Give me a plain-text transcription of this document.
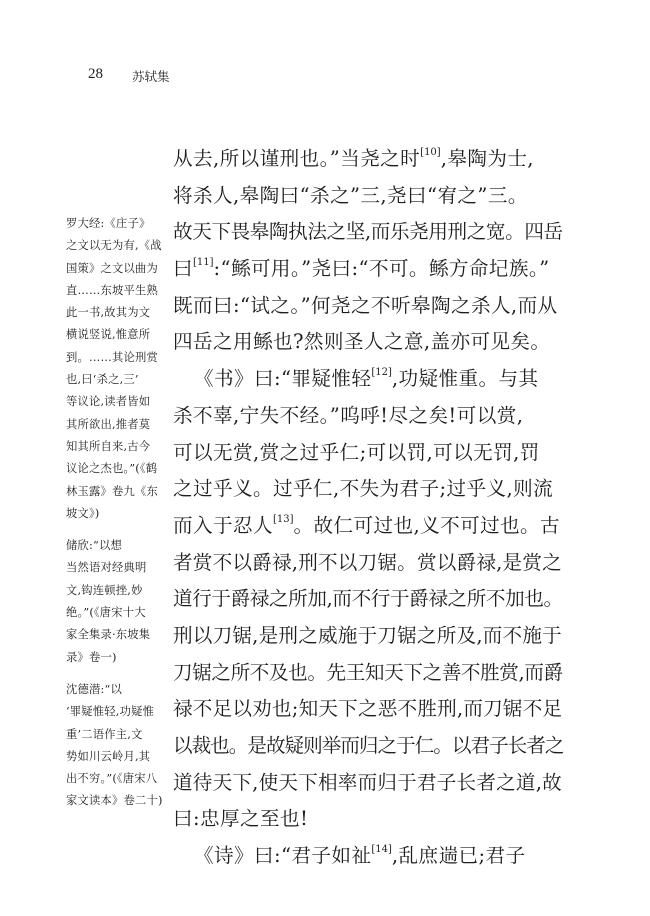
28 苏轼集
罗大经:《庄子》
之文以无为有,《战
国策》之文以曲为
直……东坡平生熟
此一书,故其为文
横说竖说,惟意所
到。……其论刑赏
也,曰‘杀之,三’
等议论,读者皆如
其所欲出,推者莫
知其所自来,古今
议论之杰也。”(《鹤
林玉露》卷九《东
坡文》)
储欣:“以想
当然语对经典明
文,钩连顿挫,妙
绝。”(《唐宋十大
家全集录·东坡集
录》卷一)
沈德潜:“以
‘罪疑惟轻,功疑惟
重’二语作主,文
势如川云岭月,其
出不穷。”(《唐宋八
家文读本》卷二十)
从去,所以谨刑也。”当尧之时[10],皋陶为士,
将杀人,皋陶曰“杀之”三,尧曰“宥之”三。
故天下畏皋陶执法之坚,而乐尧用刑之宽。四岳
曰[11]:“鲧可用。”尧曰:“不可。鲧方命圮族。”
既而曰:“试之。”何尧之不听皋陶之杀人,而从
四岳之用鲧也?然则圣人之意,盖亦可见矣。
《书》曰:“罪疑惟轻[12],功疑惟重。与其
杀不辜,宁失不经。”呜呼!尽之矣!可以赏,
可以无赏,赏之过乎仁;可以罚,可以无罚,罚
之过乎义。过乎仁,不失为君子;过乎义,则流
而入于忍人[13]。故仁可过也,义不可过也。古
者赏不以爵禄,刑不以刀锯。赏以爵禄,是赏之
道行于爵禄之所加,而不行于爵禄之所不加也。
刑以刀锯,是刑之威施于刀锯之所及,而不施于
刀锯之所不及也。先王知天下之善不胜赏,而爵
禄不足以劝也;知天下之恶不胜刑,而刀锯不足
以裁也。是故疑则举而归之于仁。以君子长者之
道待天下,使天下相率而归于君子长者之道,故
曰:忠厚之至也!
《诗》曰:“君子如祉[14],乱庶遄已;君子
